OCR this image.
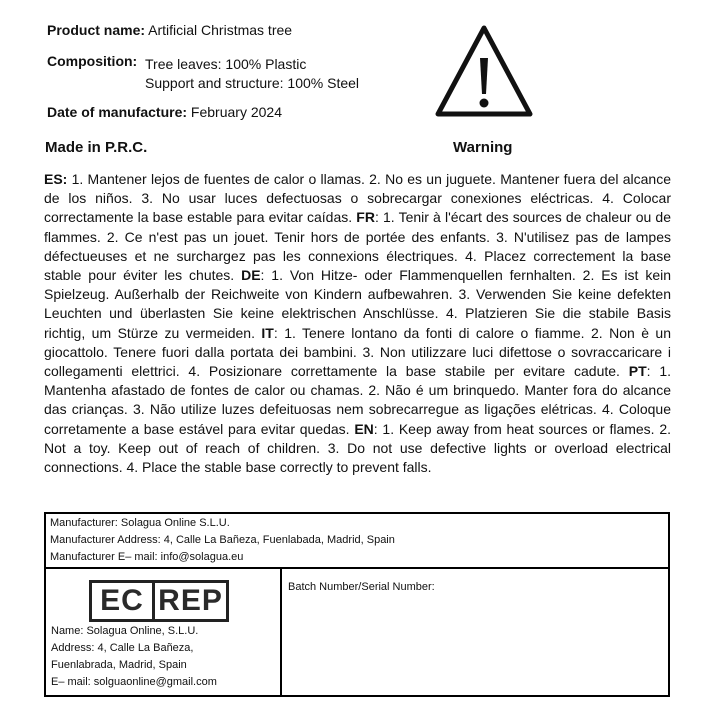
Product name: Artificial Christmas tree
Composition: Tree leaves: 100% Plastic
Support and structure: 100% Steel
Date of manufacture: February 2024
Made in P.R.C.	Warning

ES: 1. Mantener lejos de fuentes de calor o llamas. 2. No es un juguete. Mantener fuera del alcance de los niños. 3. No usar luces defectuosas o sobrecargar conexiones eléctricas. 4. Colocar correctamente la base estable para evitar caídas. FR: 1. Tenir à l'écart des sources de chaleur ou de flammes. 2. Ce n'est pas un jouet. Tenir hors de portée des enfants. 3. N'utilisez pas de lampes défectueuses et ne surchargez pas les connexions électriques. 4. Placez correctement la base stable pour éviter les chutes. DE: 1. Von Hitze- oder Flammenquellen fernhalten. 2. Es ist kein Spielzeug. Außerhalb der Reichweite von Kindern aufbewahren. 3. Verwenden Sie keine defekten Leuchten und überlasten Sie keine elektrischen Anschlüsse. 4. Platzieren Sie die stabile Basis richtig, um Stürze zu vermeiden. IT: 1. Tenere lontano da fonti di calore o fiamme. 2. Non è un giocattolo. Tenere fuori dalla portata dei bambini. 3. Non utilizzare luci difettose o sovraccaricare i collegamenti elettrici. 4. Posizionare correttamente la base stabile per evitare cadute. PT: 1. Mantenha afastado de fontes de calor ou chamas. 2. Não é um brinquedo. Manter fora do alcance das crianças. 3. Não utilize luzes defeituosas nem sobrecarregue as ligações elétricas. 4. Coloque corretamente a base estável para evitar quedas. EN: 1. Keep away from heat sources or flames. 2. Not a toy. Keep out of reach of children. 3. Do not use defective lights or overload electrical connections. 4. Place the stable base correctly to prevent falls.

Manufacturer: Solagua Online S.L.U.
Manufacturer Address: 4, Calle La Bañeza, Fuenlabada, Madrid, Spain
Manufacturer E– mail: info@solagua.eu
EC REP
Name: Solagua Online, S.L.U.
Address: 4, Calle La Bañeza,
Fuenlabrada, Madrid, Spain
E– mail: solguaonline@gmail.com
Batch Number/Serial Number:
